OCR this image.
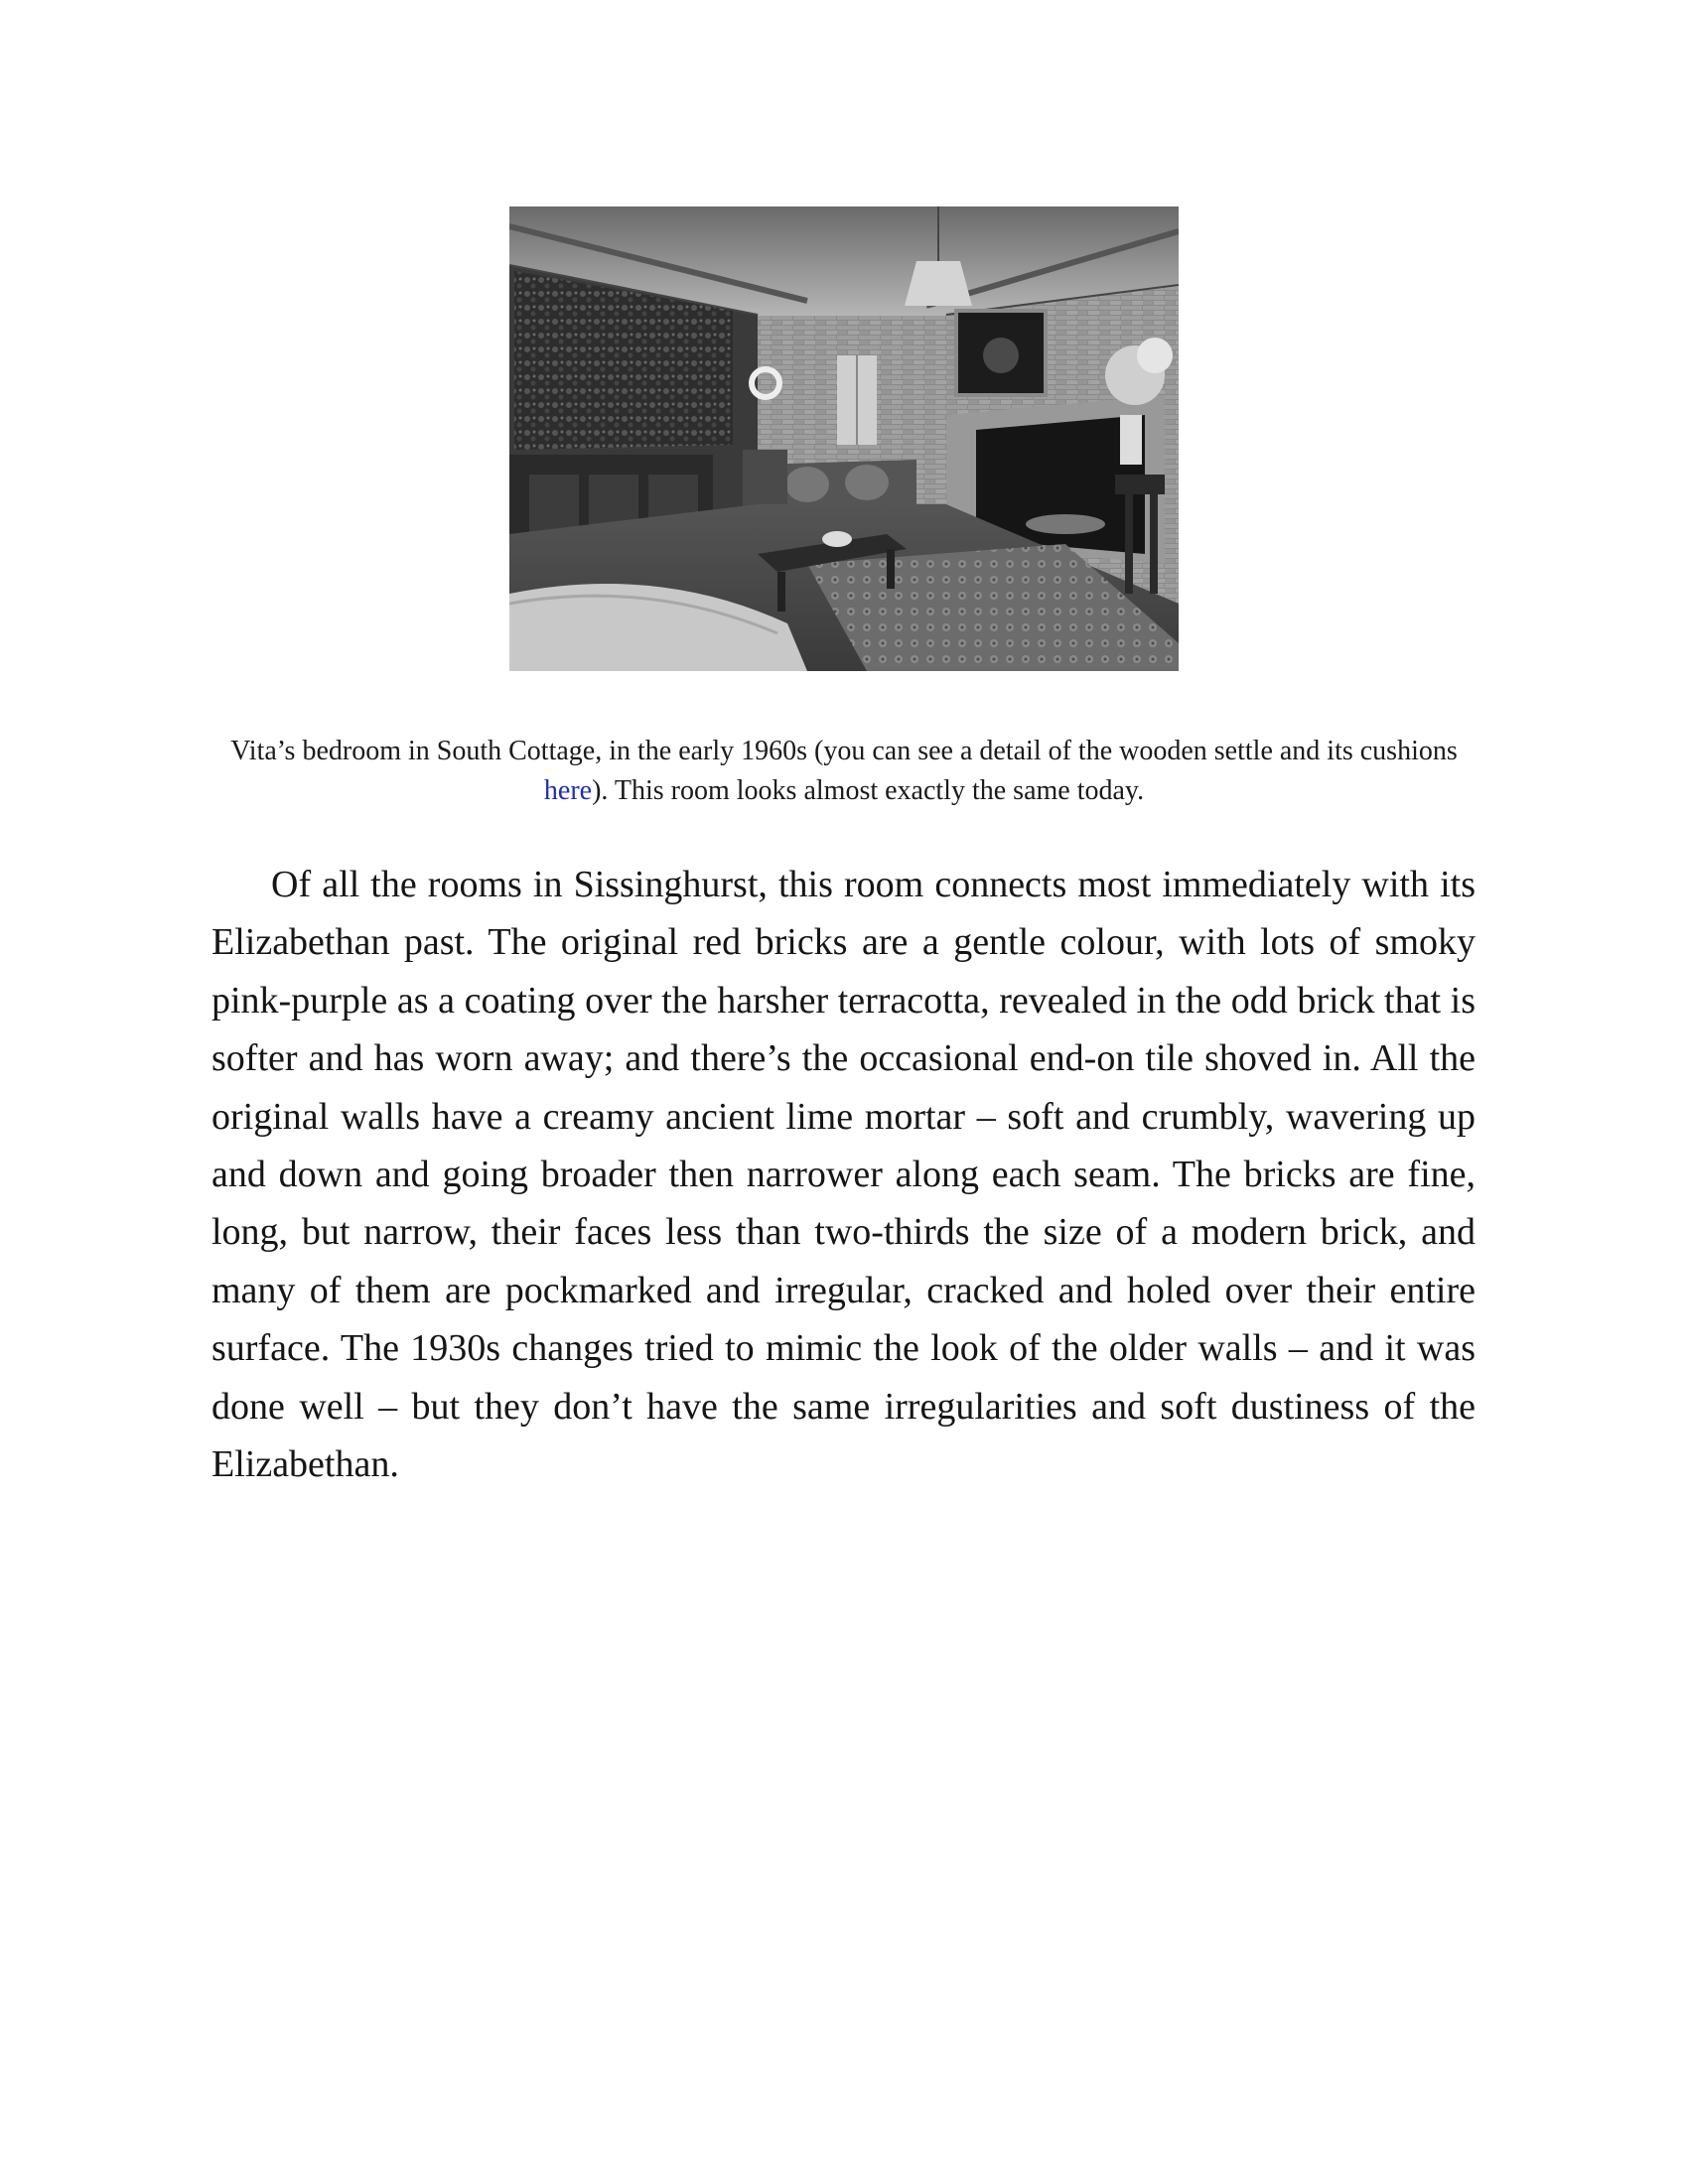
Vita’s bedroom in South Cottage, in the early 1960s (you can see a detail of the wooden settle and its cushions here). This room looks almost exactly the same today.

Of all the rooms in Sissinghurst, this room connects most immediately with its Elizabethan past. The original red bricks are a gentle colour, with lots of smoky pink-purple as a coating over the harsher terracotta, revealed in the odd brick that is softer and has worn away; and there’s the occasional end-on tile shoved in. All the original walls have a creamy ancient lime mortar – soft and crumbly, wavering up and down and going broader then narrower along each seam. The bricks are fine, long, but narrow, their faces less than two-thirds the size of a modern brick, and many of them are pockmarked and irregular, cracked and holed over their entire surface. The 1930s changes tried to mimic the look of the older walls – and it was done well – but they don’t have the same irregularities and soft dustiness of the Elizabethan.
